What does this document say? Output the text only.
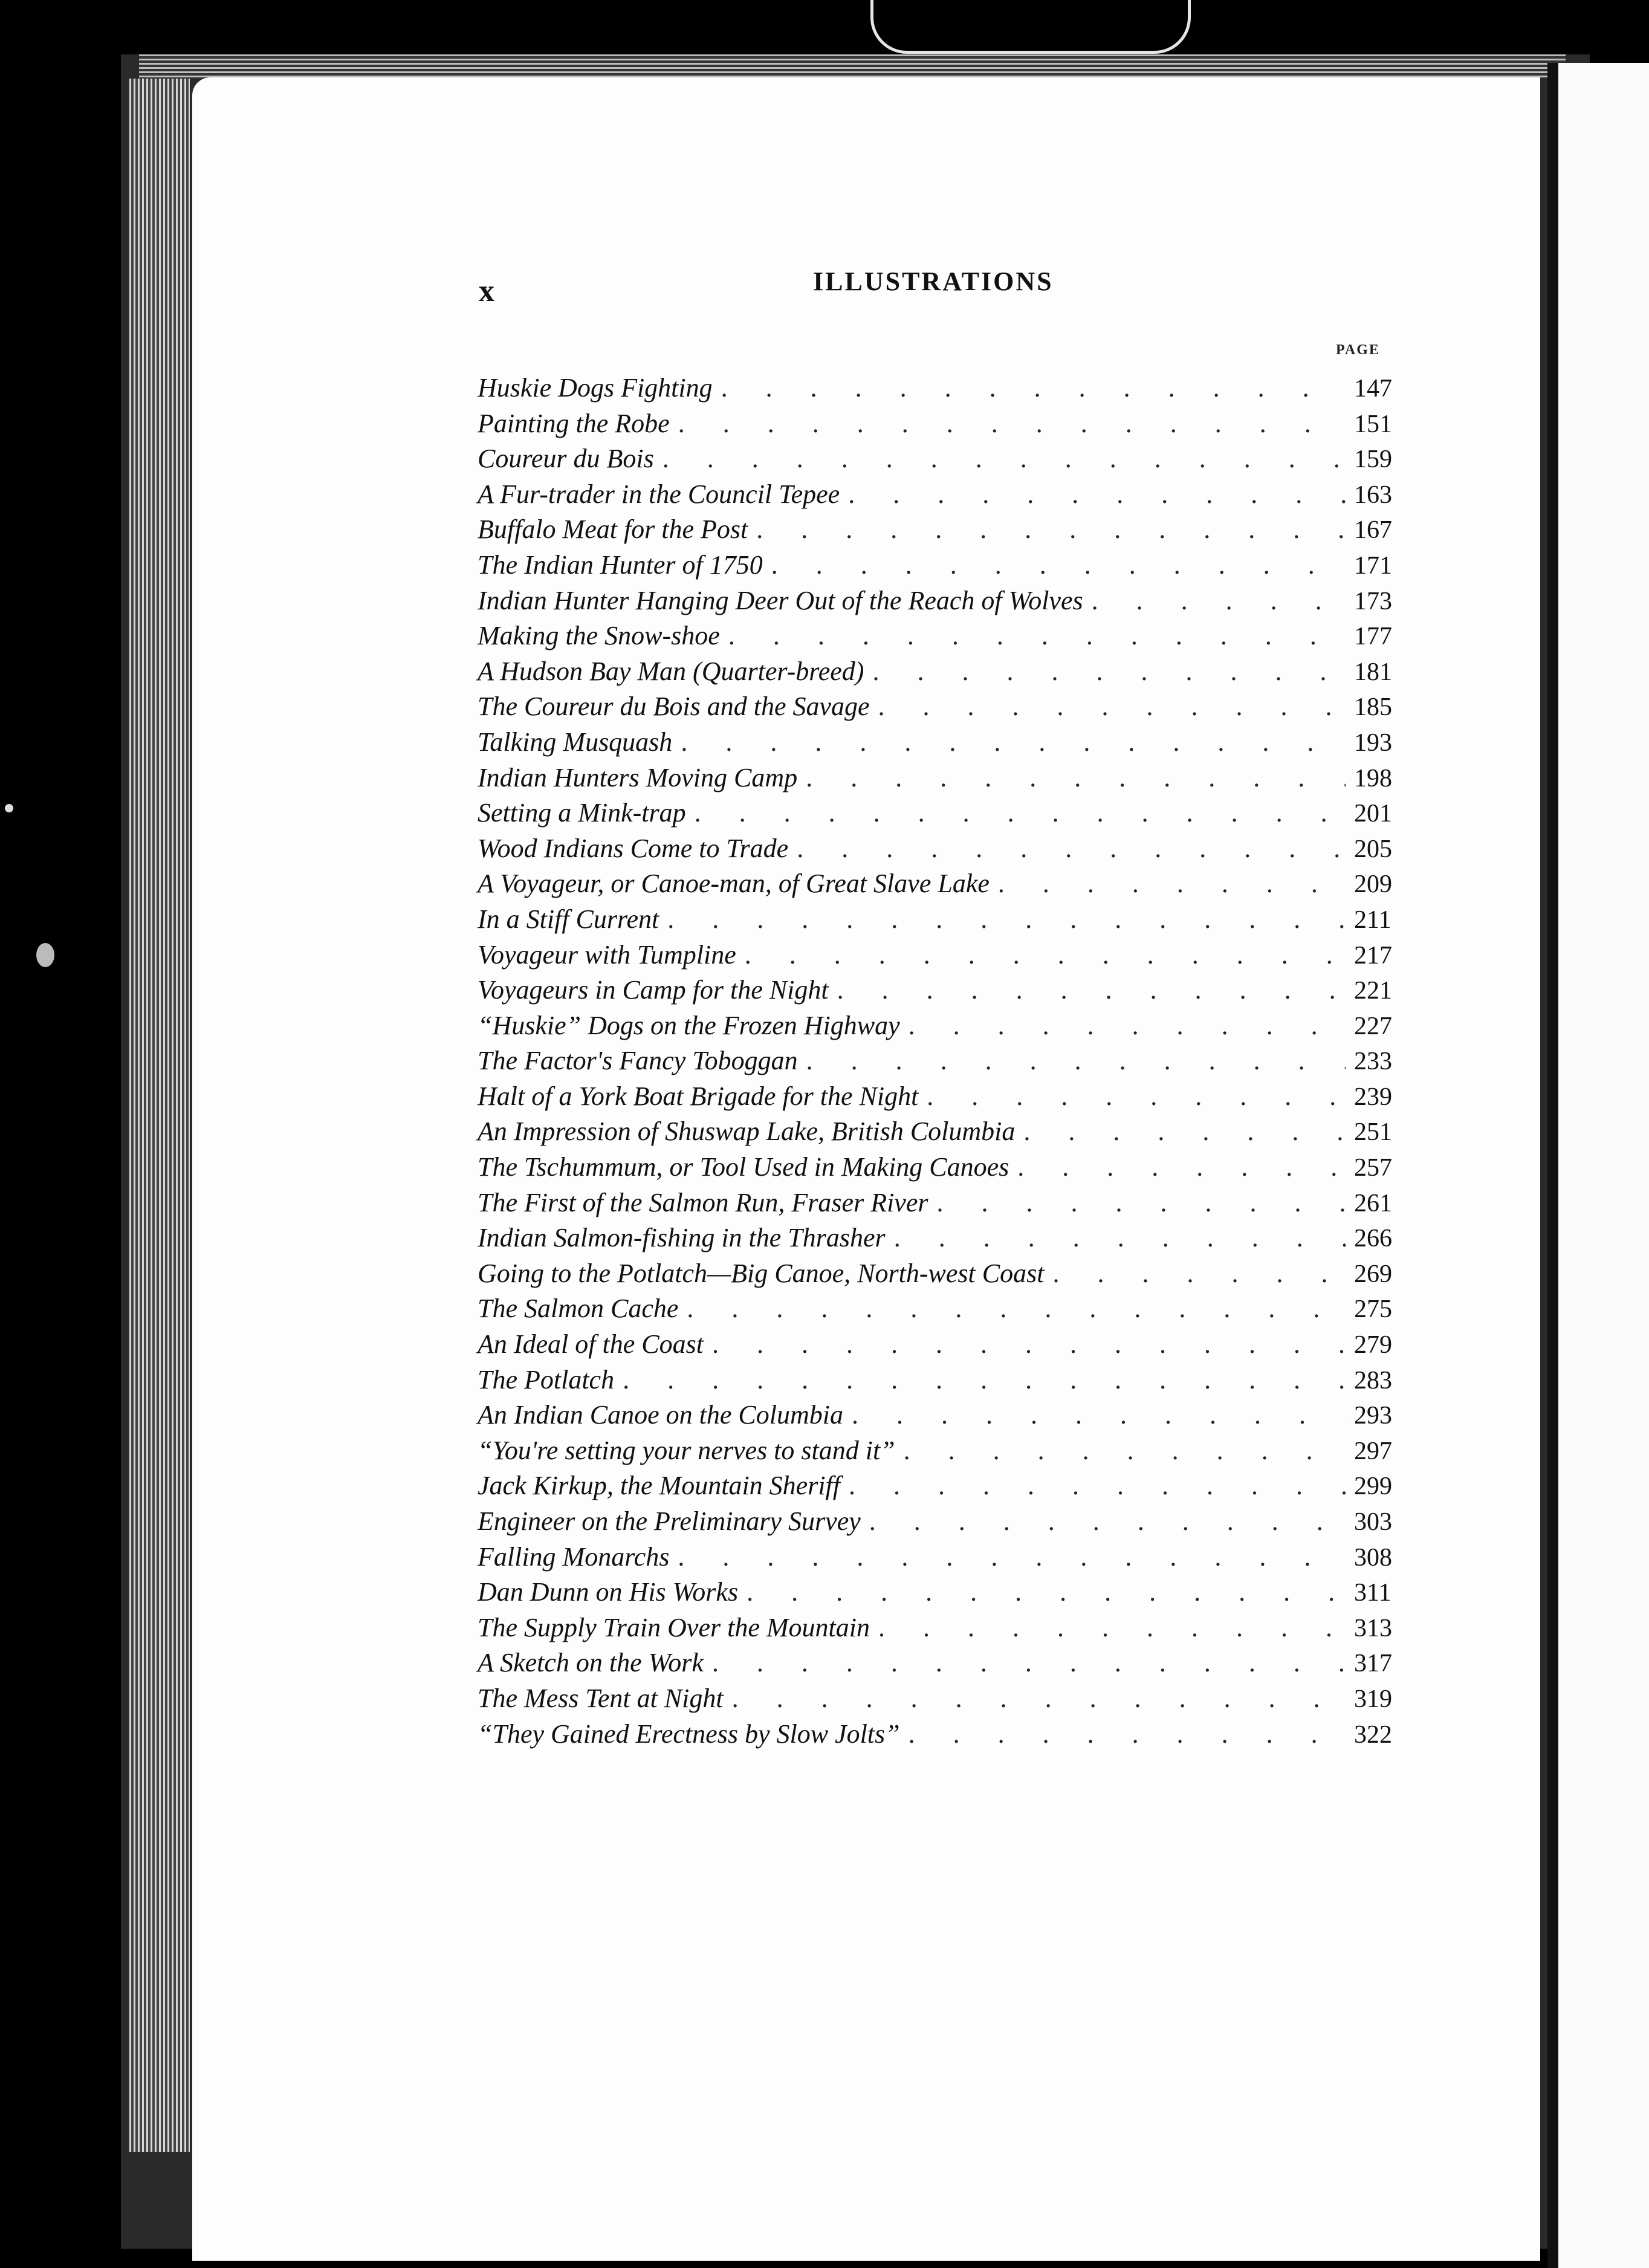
x	ILLUSTRATIONS
PAGE
Huskie Dogs Fighting . . .	147
Painting the Robe . . .	151
Coureur du Bois . . .	159
A Fur-trader in the Council Tepee . . .	163
Buffalo Meat for the Post . . .	167
The Indian Hunter of 1750 . . .	171
Indian Hunter Hanging Deer Out of the Reach of Wolves . . .	173
Making the Snow-shoe . . .	177
A Hudson Bay Man (Quarter-breed) . . .	181
The Coureur du Bois and the Savage . . .	185
Talking Musquash . . .	193
Indian Hunters Moving Camp . . .	198
Setting a Mink-trap . . .	201
Wood Indians Come to Trade . . .	205
A Voyageur, or Canoe-man, of Great Slave Lake . . .	209
In a Stiff Current . . .	211
Voyageur with Tumpline . . .	217
Voyageurs in Camp for the Night . . .	221
“Huskie” Dogs on the Frozen Highway . . .	227
The Factor's Fancy Toboggan . . .	233
Halt of a York Boat Brigade for the Night . . .	239
An Impression of Shuswap Lake, British Columbia . . .	251
The Tschummum, or Tool Used in Making Canoes . . .	257
The First of the Salmon Run, Fraser River . . .	261
Indian Salmon-fishing in the Thrasher . . .	266
Going to the Potlatch—Big Canoe, North-west Coast . . .	269
The Salmon Cache . . .	275
An Ideal of the Coast . . .	279
The Potlatch . . .	283
An Indian Canoe on the Columbia . . .	293
“You're setting your nerves to stand it” . . .	297
Jack Kirkup, the Mountain Sheriff . . .	299
Engineer on the Preliminary Survey . . .	303
Falling Monarchs . . .	308
Dan Dunn on His Works . . .	311
The Supply Train Over the Mountain . . .	313
A Sketch on the Work . . .	317
The Mess Tent at Night . . .	319
“They Gained Erectness by Slow Jolts” . . .	322
